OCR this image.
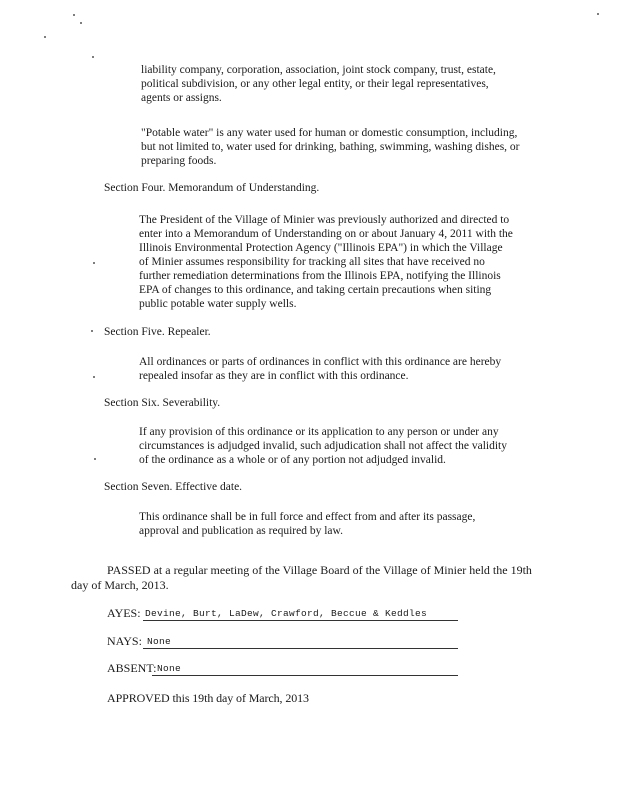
liability company, corporation, association, joint stock company, trust, estate,
political subdivision, or any other legal entity, or their legal representatives,
agents or assigns.
"Potable water" is any water used for human or domestic consumption, including,
but not limited to, water used for drinking, bathing, swimming, washing dishes, or
preparing foods.
Section Four. Memorandum of Understanding.
The President of the Village of Minier was previously authorized and directed to
enter into a Memorandum of Understanding on or about January 4, 2011 with the
Illinois Environmental Protection Agency ("Illinois EPA") in which the Village
of Minier assumes responsibility for tracking all sites that have received no
further remediation determinations from the Illinois EPA, notifying the Illinois
EPA of changes to this ordinance, and taking certain precautions when siting
public potable water supply wells.
Section Five. Repealer.
All ordinances or parts of ordinances in conflict with this ordinance are hereby
repealed insofar as they are in conflict with this ordinance.
Section Six. Severability.
If any provision of this ordinance or its application to any person or under any
circumstances is adjudged invalid, such adjudication shall not affect the validity
of the ordinance as a whole or of any portion not adjudged invalid.
Section Seven. Effective date.
This ordinance shall be in full force and effect from and after its passage,
approval and publication as required by law.
PASSED at a regular meeting of the Village Board of the Village of Minier held the 19th
day of March, 2013.
AYES: Devine, Burt, LaDew, Crawford, Beccue & Keddles
NAYS: None
ABSENT: None
APPROVED this 19th day of March, 2013
